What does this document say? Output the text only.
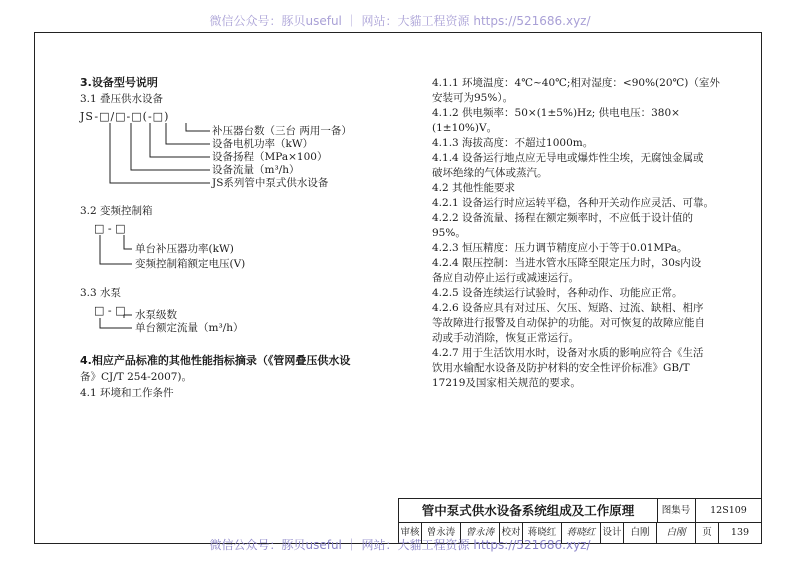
微信公众号：豚贝useful ｜ 网站：大貓工程资源 https://521686.xyz/
3.设备型号说明
3.1 叠压供水设备
JS-□/□-□(-□)
补压器台数（三台 两用一备）
设备电机功率（kW）
设备扬程（MPa×100）
设备流量（m³/h）
JS系列管中泵式供水设备
3.2 变频控制箱
□ - □
单台补压器功率(kW)
变频控制箱额定电压(V)
3.3 水泵
□ - □ 水泵级数
单台额定流量（m³/h）
4.相应产品标准的其他性能指标摘录（《管网叠压供水设
备》CJ/T 254-2007)。
4.1 环境和工作条件
4.1.1 环境温度：4℃~40℃;相对湿度：<90%(20℃)（室外
安装可为95%）。
4.1.2 供电频率：50×(1±5%)Hz; 供电电压：380×
(1±10%)V。
4.1.3 海拔高度：不超过1000m。
4.1.4 设备运行地点应无导电或爆炸性尘埃，无腐蚀金属或
破坏绝缘的气体或蒸汽。
4.2 其他性能要求
4.2.1 设备运行时应运转平稳，各种开关动作应灵活、可靠。
4.2.2 设备流量、扬程在额定频率时，不应低于设计值的
95%。
4.2.3 恒压精度：压力调节精度应小于等于0.01MPa。
4.2.4 限压控制：当进水管水压降至限定压力时，30s内设
备应自动停止运行或减速运行。
4.2.5 设备连续运行试验时，各种动作、功能应正常。
4.2.6 设备应具有对过压、欠压、短路、过流、缺相、相序
等故障进行报警及自动保护的功能。对可恢复的故障应能自
动或手动消除，恢复正常运行。
4.2.7 用于生活饮用水时，设备对水质的影响应符合《生活
饮用水输配水设备及防护材料的安全性评价标准》GB/T
17219及国家相关规范的要求。
管中泵式供水设备系统组成及工作原理	图集号	12S109
审核 曾永涛	曾永涛 校对 蒋晓红	蒋晓红 设计 白刚	白刚	页	139
微信公众号：豚贝useful ｜ 网站：大貓工程资源 https://521686.xyz/
